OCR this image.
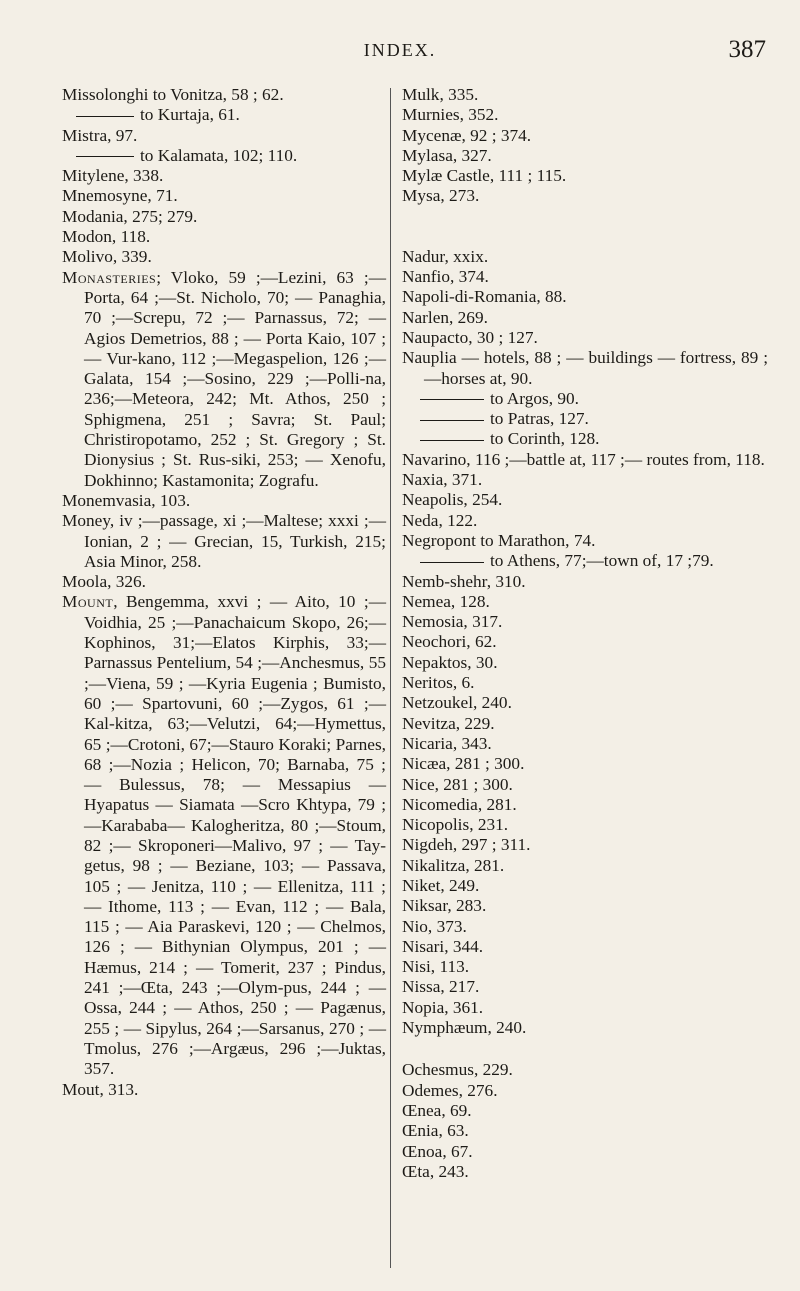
INDEX.	387
Missolonghi to Vonitza, 58 ; 62.
to Kurtaja, 61.
Mistra, 97.
to Kalamata, 102; 110.
Mitylene, 338.
Mnemosyne, 71.
Modania, 275; 279.
Modon, 118.
Molivo, 339.
Monasteries; Vloko, 59 ;—Lezini, 63 ;—Porta, 64 ;—St. Nicholo, 70; — Panaghia, 70 ;—Screpu, 72 ;— Parnassus, 72; — Agios Demetrios, 88 ; — Porta Kaio, 107 ; — Vur-kano, 112 ;—Megaspelion, 126 ;— Galata, 154 ;—Sosino, 229 ;—Polli-na, 236;—Meteora, 242; Mt. Athos, 250 ; Sphigmena, 251 ; Savra; St. Paul; Christiropotamo, 252 ; St. Gregory ; St. Dionysius ; St. Rus-siki, 253; — Xenofu, Dokhinno; Kastamonita; Zografu.
Monemvasia, 103.
Money, iv ;—passage, xi ;—Maltese; xxxi ;—Ionian, 2 ; — Grecian, 15, Turkish, 215; Asia Minor, 258.
Moola, 326.
Mount, Bengemma, xxvi ; — Aito, 10 ;—Voidhia, 25 ;—Panachaicum Skopo, 26;—Kophinos, 31;—Elatos Kirphis, 33;—Parnassus Pentelium, 54 ;—Anchesmus, 55 ;—Viena, 59 ; —Kyria Eugenia ; Bumisto, 60 ;— Spartovuni, 60 ;—Zygos, 61 ;—Kal-kitza, 63;—Velutzi, 64;—Hymettus, 65 ;—Crotoni, 67;—Stauro Koraki; Parnes, 68 ;—Nozia ; Helicon, 70; Barnaba, 75 ; — Bulessus, 78; — Messapius — Hyapatus — Siamata —Scro Khtypa, 79 ;—Karababa— Kalogheritza, 80 ;—Stoum, 82 ;— Skroponeri—Malivo, 97 ; — Tay-getus, 98 ; — Beziane, 103; — Passava, 105 ; — Jenitza, 110 ; — Ellenitza, 111 ; — Ithome, 113 ; — Evan, 112 ; — Bala, 115 ; — Aia Paraskevi, 120 ; — Chelmos, 126 ; — Bithynian Olympus, 201 ; —Hæmus, 214 ; — Tomerit, 237 ; Pindus, 241 ;—Œta, 243 ;—Olym-pus, 244 ; — Ossa, 244 ; — Athos, 250 ; — Pagænus, 255 ; — Sipylus, 264 ;—Sarsanus, 270 ; — Tmolus, 276 ;—Argæus, 296 ;—Juktas, 357.
Mout, 313.
Mulk, 335.
Murnies, 352.
Mycenæ, 92 ; 374.
Mylasa, 327.
Mylæ Castle, 111 ; 115.
Mysa, 273.
Nadur, xxix.
Nanfio, 374.
Napoli-di-Romania, 88.
Narlen, 269.
Naupacto, 30 ; 127.
Nauplia — hotels, 88 ; — buildings — fortress, 89 ;—horses at, 90.
to Argos, 90.
to Patras, 127.
to Corinth, 128.
Navarino, 116 ;—battle at, 117 ;— routes from, 118.
Naxia, 371.
Neapolis, 254.
Neda, 122.
Negropont to Marathon, 74.
to Athens, 77;—town of, 17 ;79.
Nemb-shehr, 310.
Nemea, 128.
Nemosia, 317.
Neochori, 62.
Nepaktos, 30.
Neritos, 6.
Netzoukel, 240.
Nevitza, 229.
Nicaria, 343.
Nicæa, 281 ; 300.
Nice, 281 ; 300.
Nicomedia, 281.
Nicopolis, 231.
Nigdeh, 297 ; 311.
Nikalitza, 281.
Niket, 249.
Niksar, 283.
Nio, 373.
Nisari, 344.
Nisi, 113.
Nissa, 217.
Nopia, 361.
Nymphæum, 240.
Ochesmus, 229.
Odemes, 276.
Œnea, 69.
Œnia, 63.
Œnoa, 67.
Œta, 243.
